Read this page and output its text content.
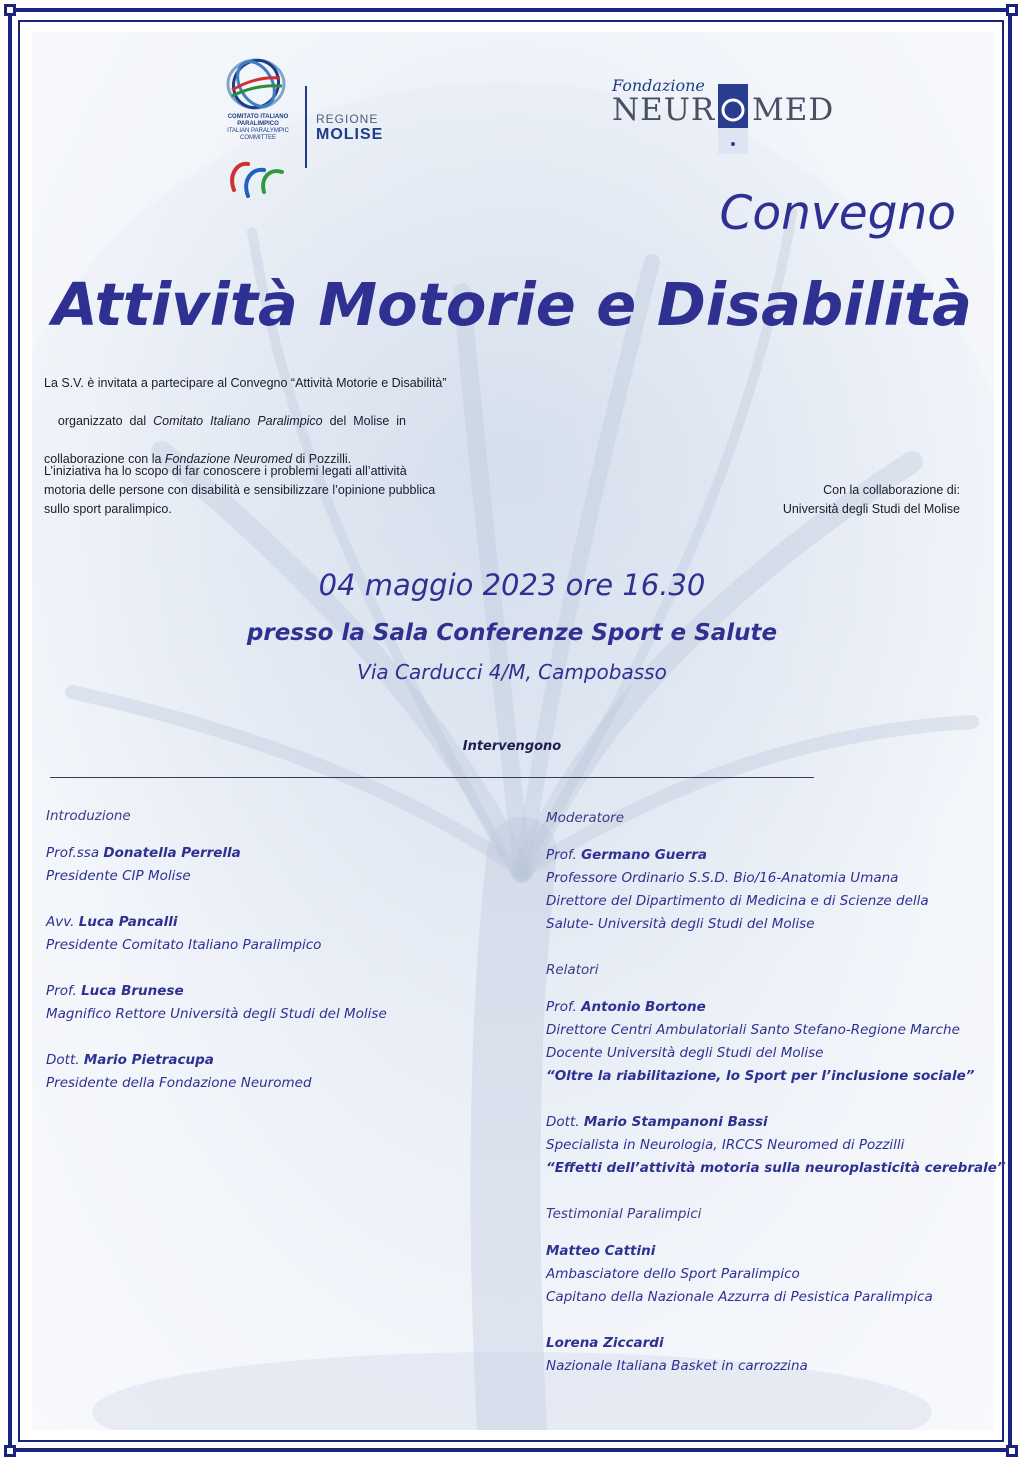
COMITATO ITALIANO
PARALIMPICO
ITALIAN PARALYMPIC
COMMITTEE
REGIONE
MOLISE
Fondazione
NEUR MED
Convegno
Attività Motorie e Disabilità
La S.V. è invitata a partecipare al Convegno “Attività Motorie e Disabilità”

organizzato  dal  Comitato  Italiano  Paralimpico  del  Molise  in

collaborazione con la Fondazione Neuromed di Pozzilli.
L’iniziativa ha lo scopo di far conoscere i problemi legati all’attività
motoria delle persone con disabilità e sensibilizzare l’opinione pubblica
sullo sport paralimpico.
Con la collaborazione di:
Università degli Studi del Molise
04 maggio 2023 ore 16.30
presso la Sala Conferenze Sport e Salute
Via Carducci 4/M, Campobasso
Intervengono
Introduzione
Prof.ssa Donatella Perrella
Presidente CIP Molise
Avv. Luca Pancalli
Presidente Comitato Italiano Paralimpico
Prof. Luca Brunese
Magnifico Rettore Università degli Studi del Molise
Dott. Mario Pietracupa
Presidente della Fondazione Neuromed
Moderatore
Prof. Germano Guerra
Professore Ordinario S.S.D. Bio/16-Anatomia Umana
Direttore del Dipartimento di Medicina e di Scienze della
Salute- Università degli Studi del Molise
Relatori
Prof. Antonio Bortone
Direttore Centri Ambulatoriali Santo Stefano-Regione Marche
Docente Università degli Studi del Molise
“Oltre la riabilitazione, lo Sport per l’inclusione sociale”
Dott. Mario Stampanoni Bassi
Specialista in Neurologia, IRCCS Neuromed di Pozzilli
“Effetti dell’attività motoria sulla neuroplasticità cerebrale”
Testimonial Paralimpici
Matteo Cattini
Ambasciatore dello Sport Paralimpico
Capitano della Nazionale Azzurra di Pesistica Paralimpica
Lorena Ziccardi
Nazionale Italiana Basket in carrozzina
